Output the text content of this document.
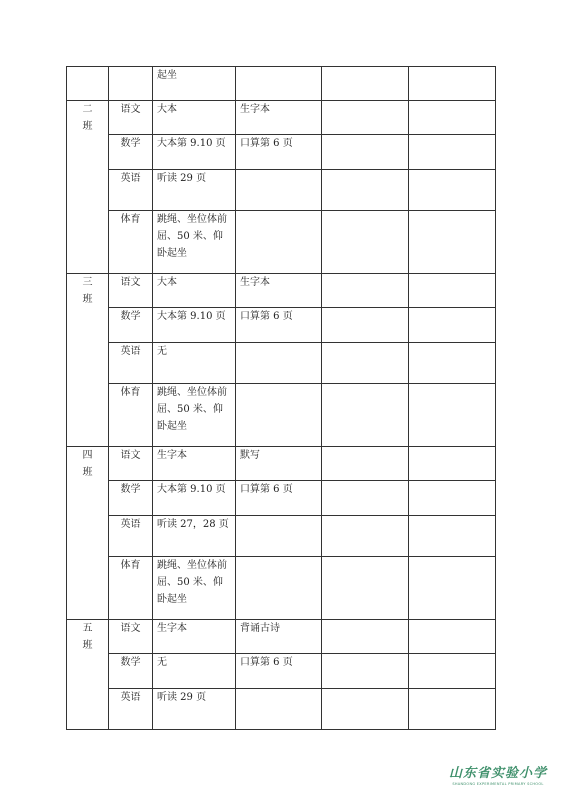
		起坐			

二班	语文	大本	生字本		
	数学	大本第 9.10 页	口算第 6 页		
	英语	听读 29 页			
	体育	跳绳、坐位体前屈、50 米、仰卧起坐			

三班	语文	大本	生字本		
	数学	大本第 9.10 页	口算第 6 页		
	英语	无			
	体育	跳绳、坐位体前屈、50 米、仰卧起坐			

四班	语文	生字本	默写		
	数学	大本第 9.10 页	口算第 6 页		
	英语	听读 27，28 页			
	体育	跳绳、坐位体前屈、50 米、仰卧起坐			

五班	语文	生字本	背诵古诗		
	数学	无	口算第 6 页		
	英语	听读 29 页			
山东省实验小学
SHANDONG EXPERIMENTAL PRIMARY SCHOOL
